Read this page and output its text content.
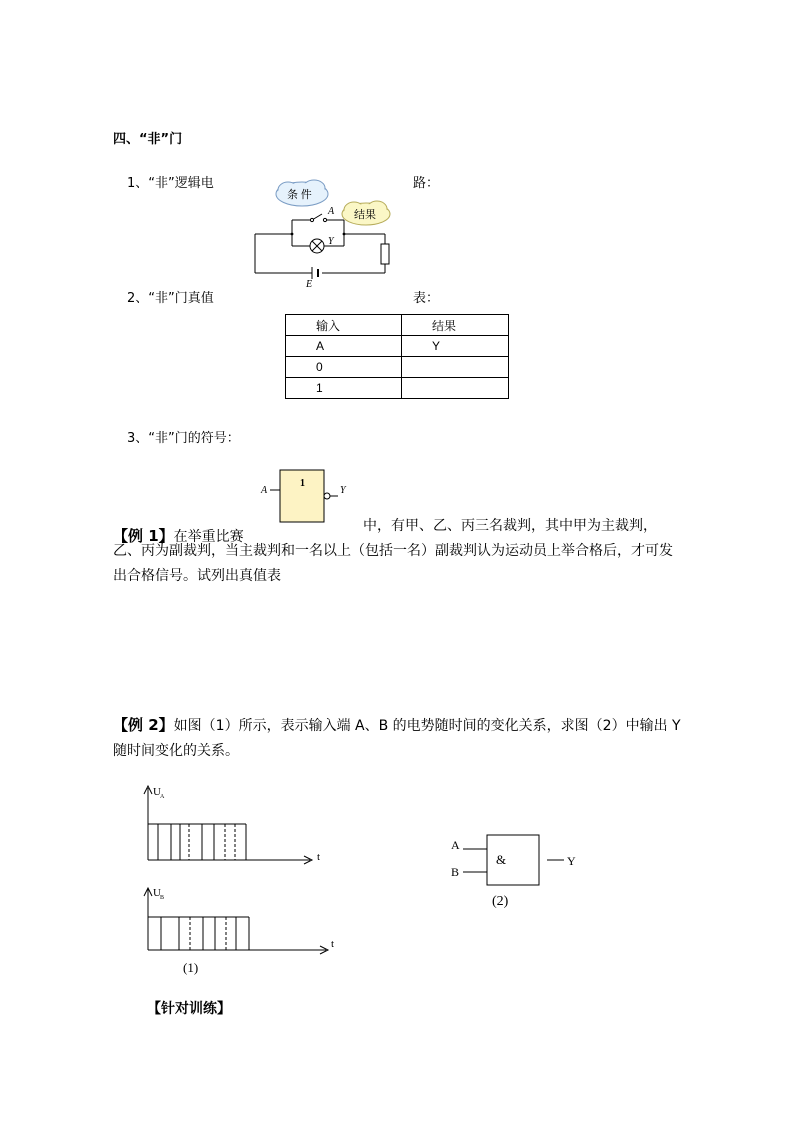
四、“非”门
1、“非”逻辑电	路：
条 件
结果
A
Y
E
2、“非”门真值	表：
输入	结果
A	Y
0	
1	
3、“非”门的符号：
A
1
Y
【例 1】在举重比赛
中，有甲、乙、丙三名裁判，其中甲为主裁判，乙、丙为副裁判，当主裁判和一名以上（包括一名）副裁判认为运动员上举合格后，才可发出合格信号。试列出真值表
【例 2】如图（1）所示，表示输入端 A、B 的电势随时间的变化关系，求图（2）中输出 Y 随时间变化的关系。
U A
t
U B
t
(1)
A
B
&	Y
(2)
【针对训练】
